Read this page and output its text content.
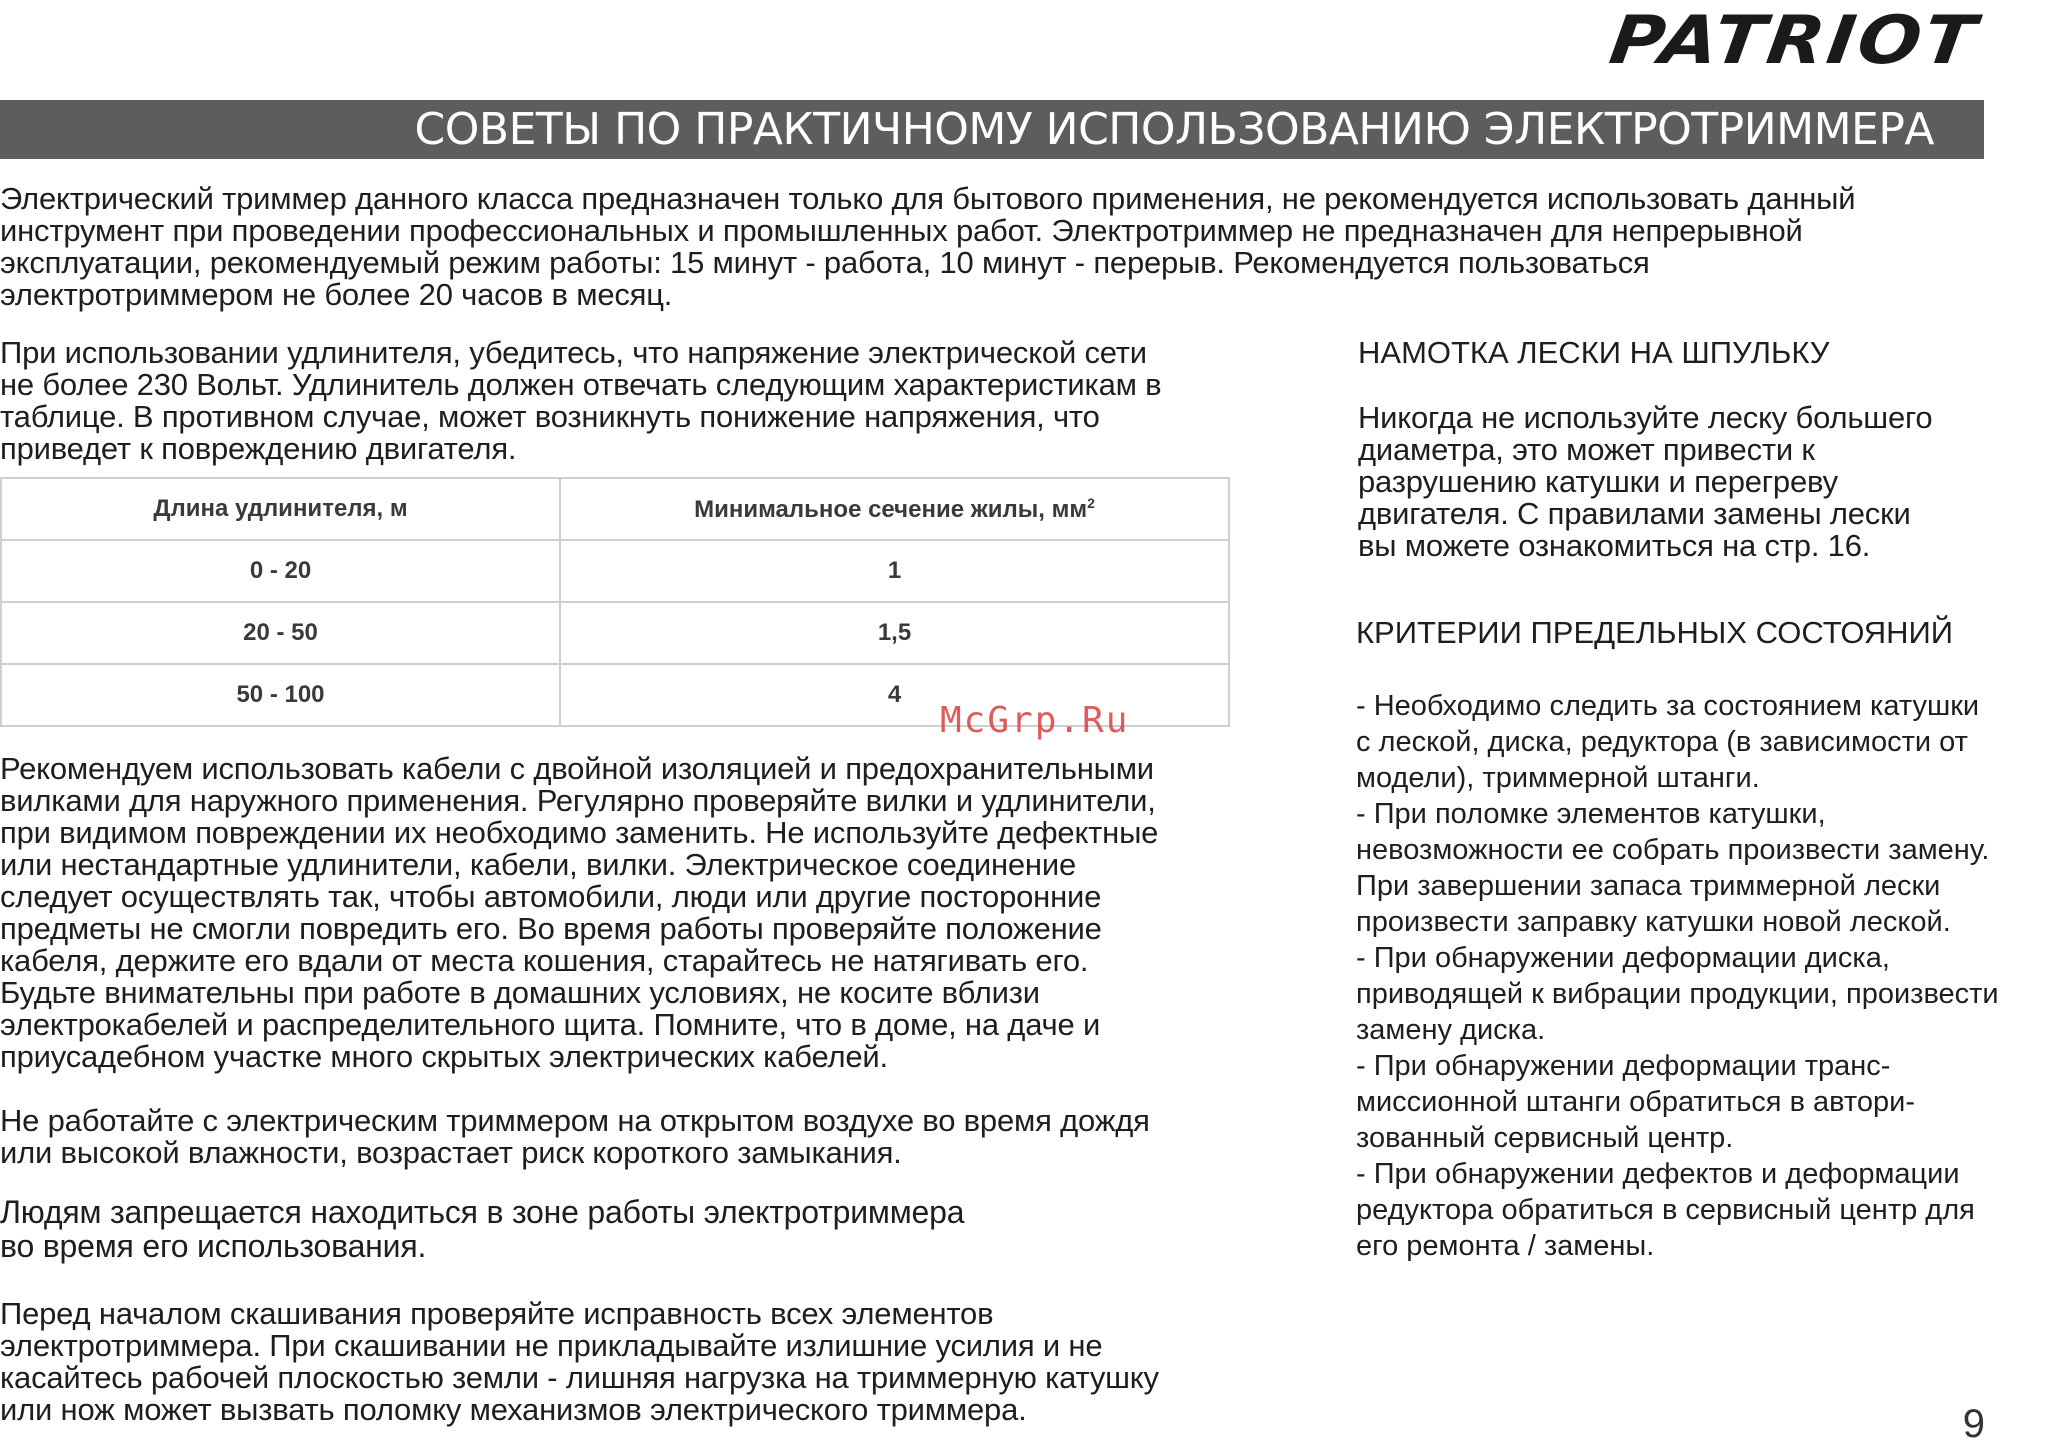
PATRIOT
СОВЕТЫ ПО ПРАКТИЧНОМУ ИСПОЛЬЗОВАНИЮ ЭЛЕКТРОТРИММЕРА

Электрический триммер данного класса предназначен только для бытового применения, не рекомендуется использовать данный
инструмент при проведении профессиональных и промышленных работ. Электротриммер не предназначен для непрерывной
эксплуатации, рекомендуемый режим работы: 15 минут - работа, 10 минут - перерыв. Рекомендуется пользоваться
электротриммером не более 20 часов в месяц.

При использовании удлинителя, убедитесь, что напряжение электрической сети
не более 230 Вольт. Удлинитель должен отвечать следующим характеристикам в
таблице. В противном случае, может возникнуть понижение напряжения, что
приведет к повреждению двигателя.

Длина удлинителя, м	Минимальное сечение жилы, $мм^2$
0 - 20	1
20 - 50	1,5
50 - 100	4
McGrp.Ru

Рекомендуем использовать кабели с двойной изоляцией и предохранительными
вилками для наружного применения. Регулярно проверяйте вилки и удлинители,
при видимом повреждении их необходимо заменить. Не используйте дефектные
или нестандартные удлинители, кабели, вилки. Электрическое соединение
следует осуществлять так, чтобы автомобили, люди или другие посторонние
предметы не смогли повредить его. Во время работы проверяйте положение
кабеля, держите его вдали от места кошения, старайтесь не натягивать его.
Будьте внимательны при работе в домашних условиях, не косите вблизи
электрокабелей и распределительного щита. Помните, что в доме, на даче и
приусадебном участке много скрытых электрических кабелей.

Не работайте с электрическим триммером на открытом воздухе во время дождя
или высокой влажности, возрастает риск короткого замыкания.

Людям запрещается находиться в зоне работы электротриммера
во время его использования.

Перед началом скашивания проверяйте исправность всех элементов
электротриммера. При скашивании не прикладывайте излишние усилия и не
касайтесь рабочей плоскостью земли - лишняя нагрузка на триммерную катушку
или нож может вызвать поломку механизмов электрического триммера.

НАМОТКА ЛЕСКИ НА ШПУЛЬКУ

Никогда не используйте леску большего
диаметра, это может привести к
разрушению катушки и перегреву
двигателя. С правилами замены лески
вы можете ознакомиться на стр. 16.

КРИТЕРИИ ПРЕДЕЛЬНЫХ СОСТОЯНИЙ
- Необходимо следить за состоянием катушки
с леской, диска, редуктора (в зависимости от
модели), триммерной штанги.
- При поломке элементов катушки,
невозможности ее собрать произвести замену.
При завершении запаса триммерной лески
произвести заправку катушки новой леской.
- При обнаружении деформации диска,
приводящей к вибрации продукции, произвести
замену диска.
- При обнаружении деформации транс-
миссионной штанги обратиться в автори-
зованный сервисный центр.
- При обнаружении дефектов и деформации
редуктора обратиться в сервисный центр для
его ремонта / замены.
9
